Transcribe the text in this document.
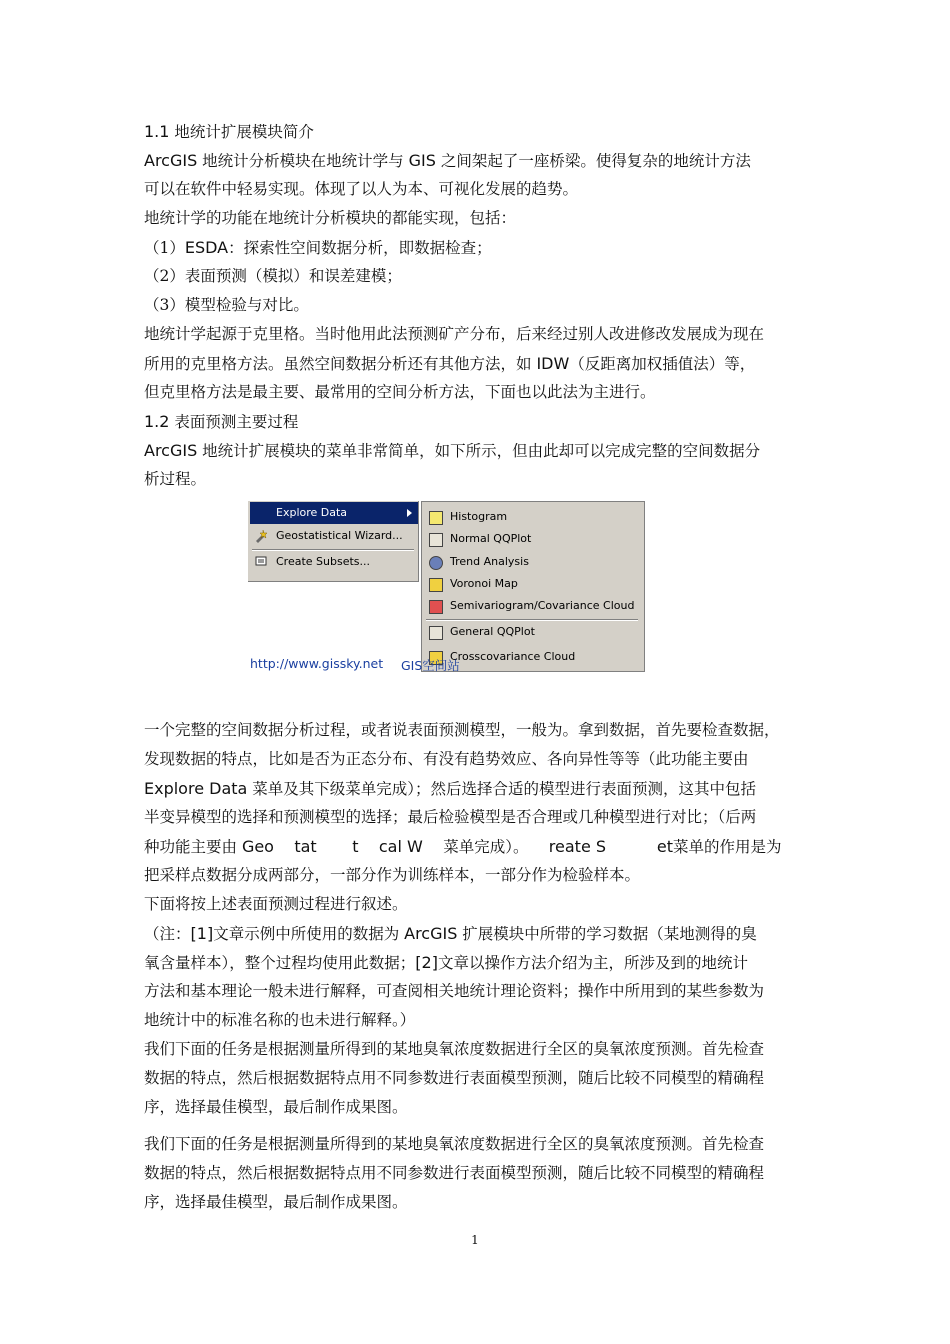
1.1 地统计扩展模块简介
ArcGIS 地统计分析模块在地统计学与 GIS 之间架起了一座桥梁。使得复杂的地统计方法
可以在软件中轻易实现。体现了以人为本、可视化发展的趋势。
地统计学的功能在地统计分析模块的都能实现，包括：
（1）ESDA：探索性空间数据分析，即数据检查；
（2）表面预测（模拟）和误差建模；
（3）模型检验与对比。
地统计学起源于克里格。当时他用此法预测矿产分布，后来经过别人改进修改发展成为现在
所用的克里格方法。虽然空间数据分析还有其他方法，如 IDW（反距离加权插值法）等，
但克里格方法是最主要、最常用的空间分析方法，下面也以此法为主进行。
1.2 表面预测主要过程
ArcGIS 地统计扩展模块的菜单非常简单，如下所示，但由此却可以完成完整的空间数据分
析过程。
Explore Data
Geostatistical Wizard...
Create Subsets...
Histogram
Normal QQPlot
Trend Analysis
Voronoi Map
Semivariogram/Covariance Cloud
General QQPlot
Crosscovariance Cloud
http://www.gissky.net GIS空间站
一个完整的空间数据分析过程，或者说表面预测模型，一般为。拿到数据，首先要检查数据，
发现数据的特点，比如是否为正态分布、有没有趋势效应、各向异性等等（此功能主要由
Explore Data 菜单及其下级菜单完成）；然后选择合适的模型进行表面预测，这其中包括
半变异模型的选择和预测模型的选择；最后检验模型是否合理或几种模型进行对比；（后两
种功能主要由 Geo    tat       t    cal W    菜单完成）。    reate S          et菜单的作用是为
把采样点数据分成两部分，一部分作为训练样本，一部分作为检验样本。
下面将按上述表面预测过程进行叙述。
（注：[1]文章示例中所使用的数据为 ArcGIS 扩展模块中所带的学习数据（某地测得的臭
氧含量样本），整个过程均使用此数据；[2]文章以操作方法介绍为主，所涉及到的地统计
方法和基本理论一般未进行解释，可查阅相关地统计理论资料；操作中所用到的某些参数为
地统计中的标准名称的也未进行解释。）
我们下面的任务是根据测量所得到的某地臭氧浓度数据进行全区的臭氧浓度预测。首先检查
数据的特点，然后根据数据特点用不同参数进行表面模型预测，随后比较不同模型的精确程
序，选择最佳模型，最后制作成果图。
我们下面的任务是根据测量所得到的某地臭氧浓度数据进行全区的臭氧浓度预测。首先检查
数据的特点，然后根据数据特点用不同参数进行表面模型预测，随后比较不同模型的精确程
序，选择最佳模型，最后制作成果图。
1
